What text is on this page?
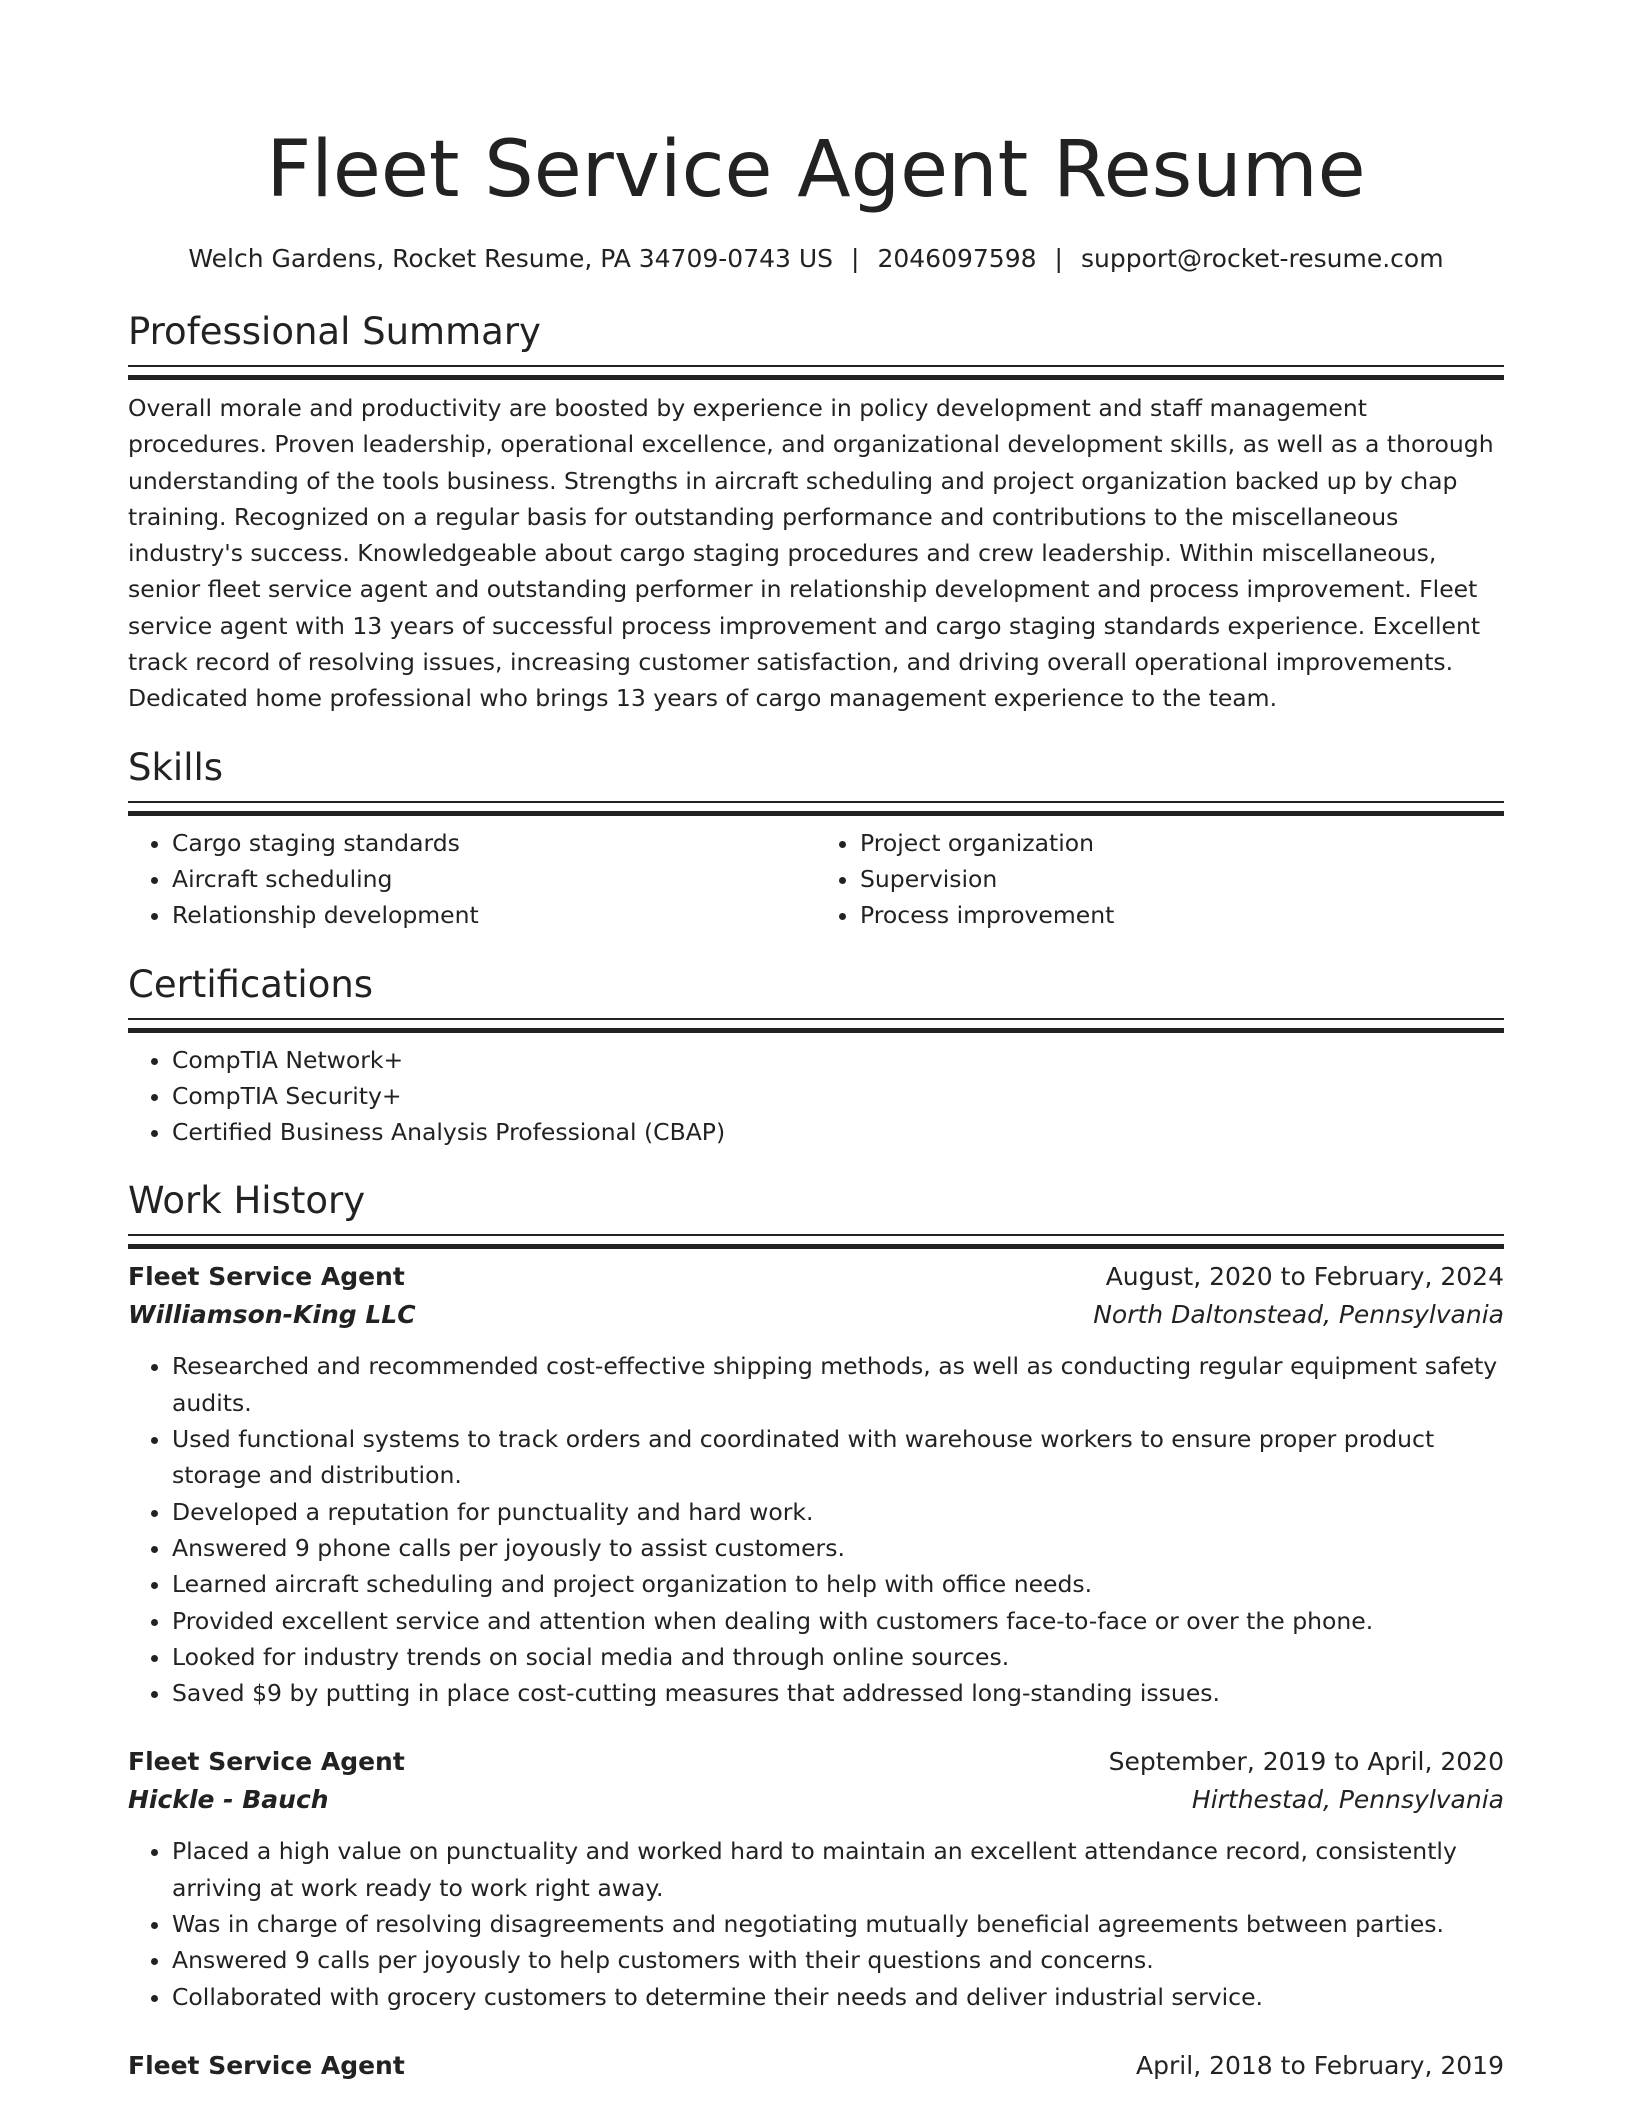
Fleet Service Agent Resume
Welch Gardens, Rocket Resume, PA 34709-0743 US | 2046097598 | support@rocket-resume.com
Professional Summary

Overall morale and productivity are boosted by experience in policy development and staff management procedures. Proven leadership, operational excellence, and organizational development skills, as well as a thorough understanding of the tools business. Strengths in aircraft scheduling and project organization backed up by chap training. Recognized on a regular basis for outstanding performance and contributions to the miscellaneous industry's success. Knowledgeable about cargo staging procedures and crew leadership. Within miscellaneous, senior fleet service agent and outstanding performer in relationship development and process improvement. Fleet service agent with 13 years of successful process improvement and cargo staging standards experience. Excellent track record of resolving issues, increasing customer satisfaction, and driving overall operational improvements. Dedicated home professional who brings 13 years of cargo management experience to the team.

Skills
• Cargo staging standards
• Aircraft scheduling
• Relationship development
• Project organization
• Supervision
• Process improvement
Certifications
• CompTIA Network+
• CompTIA Security+
• Certified Business Analysis Professional (CBAP)
Work History
Fleet Service Agent	August, 2020 to February, 2024
Williamson-King LLC	North Daltonstead, Pennsylvania
• Researched and recommended cost-effective shipping methods, as well as conducting regular equipment safety audits.
• Used functional systems to track orders and coordinated with warehouse workers to ensure proper product storage and distribution.
• Developed a reputation for punctuality and hard work.
• Answered 9 phone calls per joyously to assist customers.
• Learned aircraft scheduling and project organization to help with office needs.
• Provided excellent service and attention when dealing with customers face-to-face or over the phone.
• Looked for industry trends on social media and through online sources.
• Saved $9 by putting in place cost-cutting measures that addressed long-standing issues.
Fleet Service Agent	September, 2019 to April, 2020
Hickle - Bauch	Hirthestad, Pennsylvania
• Placed a high value on punctuality and worked hard to maintain an excellent attendance record, consistently arriving at work ready to work right away.
• Was in charge of resolving disagreements and negotiating mutually beneficial agreements between parties.
• Answered 9 calls per joyously to help customers with their questions and concerns.
• Collaborated with grocery customers to determine their needs and deliver industrial service.
Fleet Service Agent	April, 2018 to February, 2019
